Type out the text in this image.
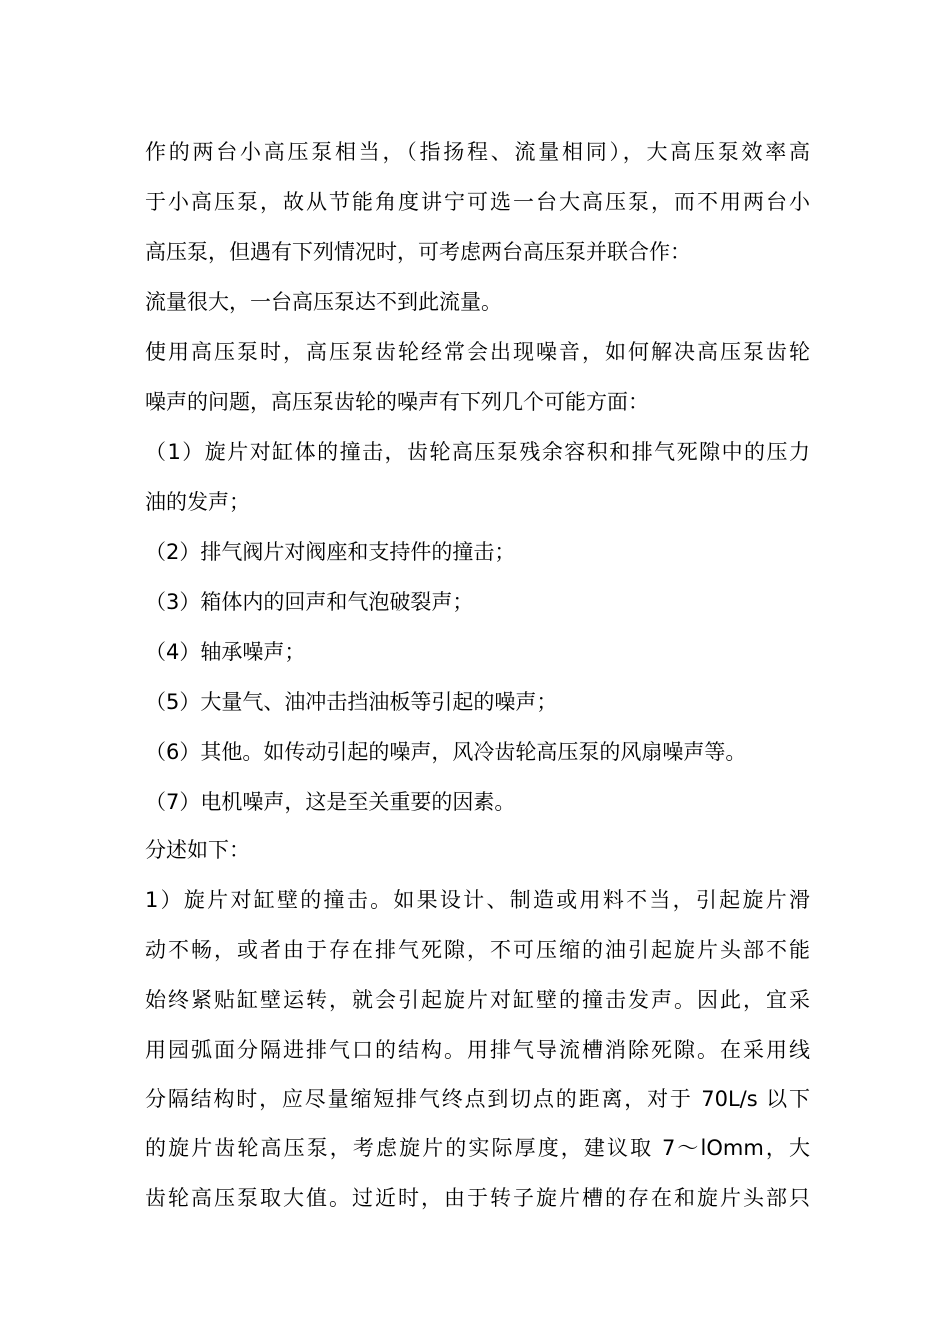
作的两台小高压泵相当，（指扬程、流量相同），大高压泵效率高
于小高压泵，故从节能角度讲宁可选一台大高压泵，而不用两台小
高压泵，但遇有下列情况时，可考虑两台高压泵并联合作：
流量很大，一台高压泵达不到此流量。
使用高压泵时，高压泵齿轮经常会出现噪音，如何解决高压泵齿轮
噪声的问题，高压泵齿轮的噪声有下列几个可能方面：
（1）旋片对缸体的撞击，齿轮高压泵残余容积和排气死隙中的压力
油的发声；
（2）排气阀片对阀座和支持件的撞击；
（3）箱体内的回声和气泡破裂声；
（4）轴承噪声；
（5）大量气、油冲击挡油板等引起的噪声；
（6）其他。如传动引起的噪声，风冷齿轮高压泵的风扇噪声等。
（7）电机噪声，这是至关重要的因素。
分述如下：
1）旋片对缸壁的撞击。如果设计、制造或用料不当，引起旋片滑
动不畅，或者由于存在排气死隙，不可压缩的油引起旋片头部不能
始终紧贴缸壁运转，就会引起旋片对缸壁的撞击发声。因此，宜采
用园弧面分隔进排气口的结构。用排气导流槽消除死隙。在采用线
分隔结构时，应尽量缩短排气终点到切点的距离，对于 70L/s 以下
的旋片齿轮高压泵，考虑旋片的实际厚度，建议取 7～lOmm，大
齿轮高压泵取大值。过近时，由于转子旋片槽的存在和旋片头部只
